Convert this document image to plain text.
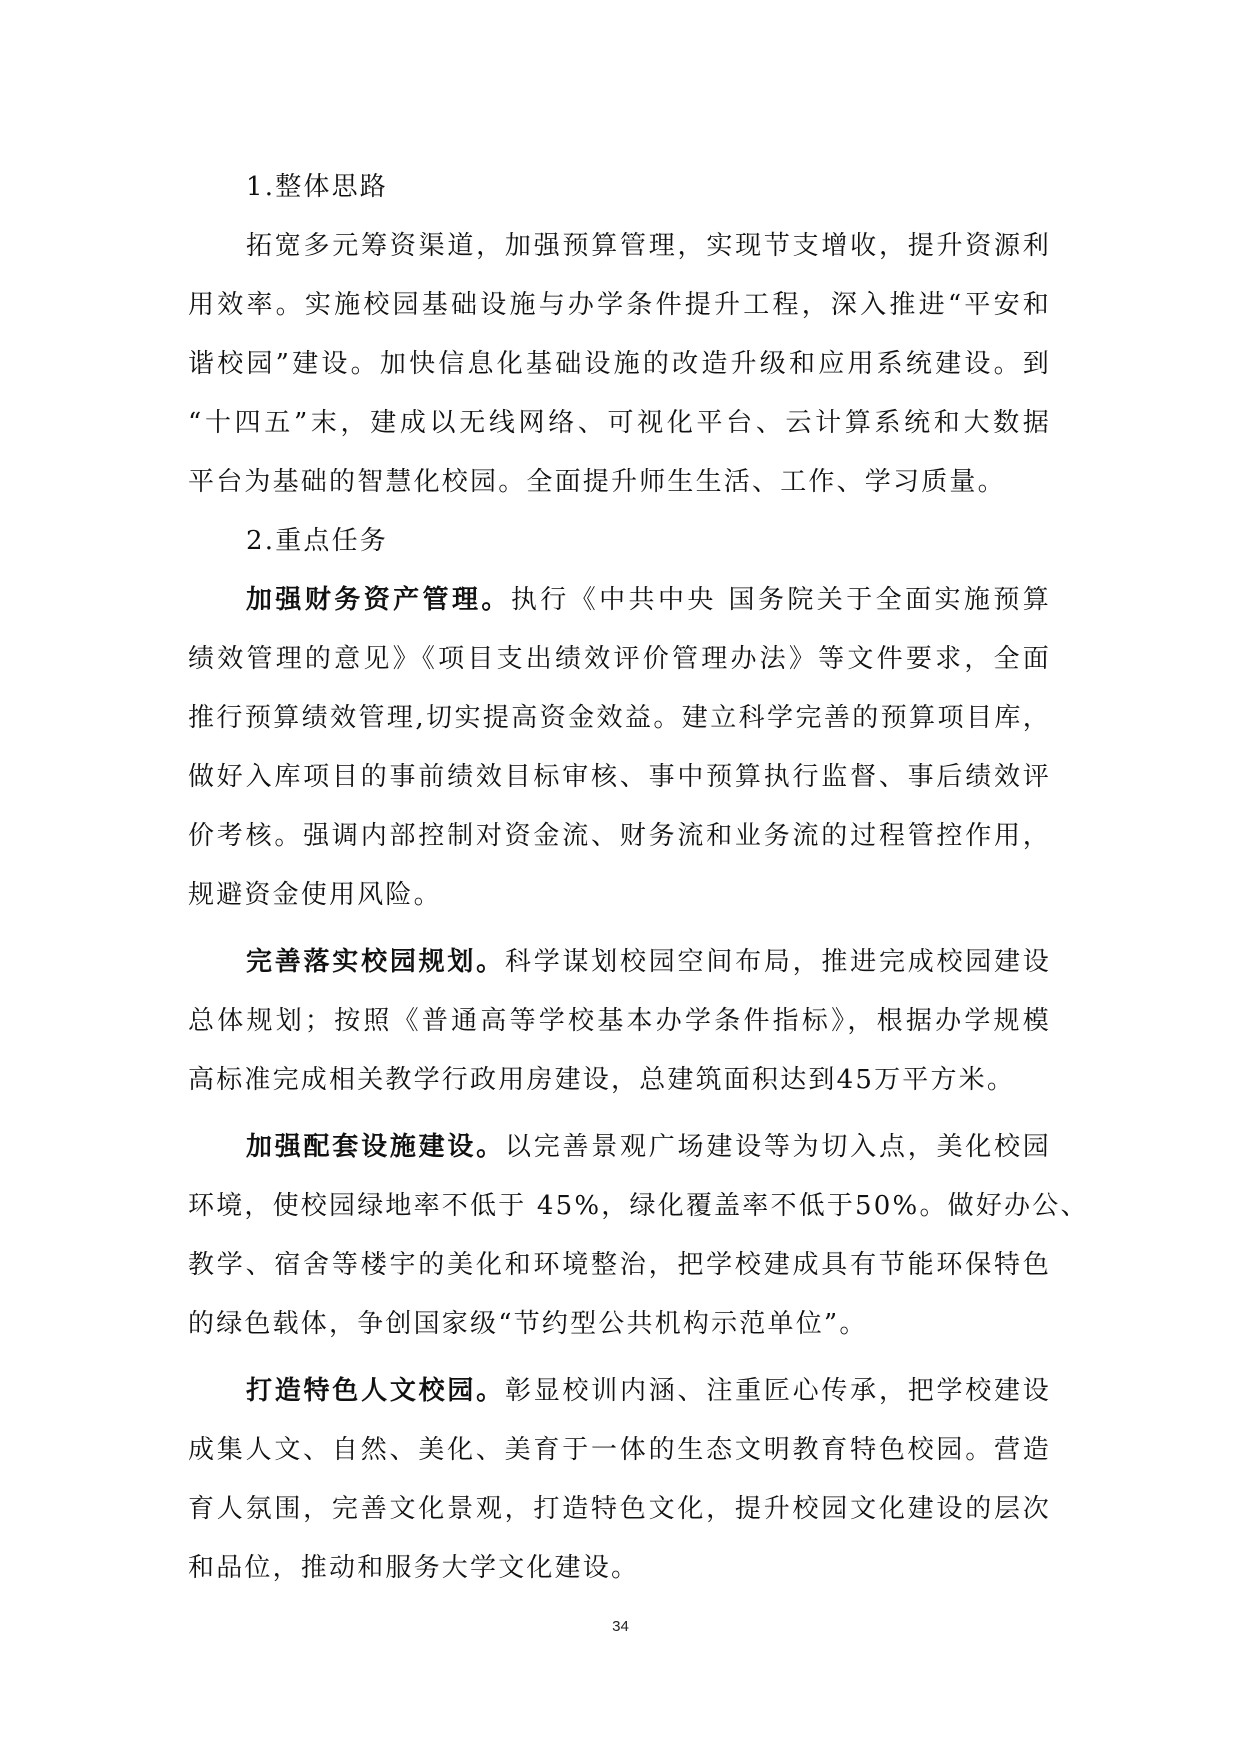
1.整体思路
拓宽多元筹资渠道，加强预算管理，实现节支增收，提升资源利
用效率。实施校园基础设施与办学条件提升工程，深入推进“平安和
谐校园”建设。加快信息化基础设施的改造升级和应用系统建设。到
“十四五”末，建成以无线网络、可视化平台、云计算系统和大数据
平台为基础的智慧化校园。全面提升师生生活、工作、学习质量。
2.重点任务
加强财务资产管理。执行《中共中央 国务院关于全面实施预算
绩效管理的意见》《项目支出绩效评价管理办法》等文件要求，全面
推行预算绩效管理,切实提高资金效益。建立科学完善的预算项目库，
做好入库项目的事前绩效目标审核、事中预算执行监督、事后绩效评
价考核。强调内部控制对资金流、财务流和业务流的过程管控作用，
规避资金使用风险。
完善落实校园规划。科学谋划校园空间布局，推进完成校园建设
总体规划；按照《普通高等学校基本办学条件指标》，根据办学规模
高标准完成相关教学行政用房建设，总建筑面积达到45万平方米。
加强配套设施建设。以完善景观广场建设等为切入点，美化校园
环境，使校园绿地率不低于 45%，绿化覆盖率不低于50%。做好办公、
教学、宿舍等楼宇的美化和环境整治，把学校建成具有节能环保特色
的绿色载体，争创国家级“节约型公共机构示范单位”。
打造特色人文校园。彰显校训内涵、注重匠心传承，把学校建设
成集人文、自然、美化、美育于一体的生态文明教育特色校园。营造
育人氛围，完善文化景观，打造特色文化，提升校园文化建设的层次
和品位，推动和服务大学文化建设。
34
